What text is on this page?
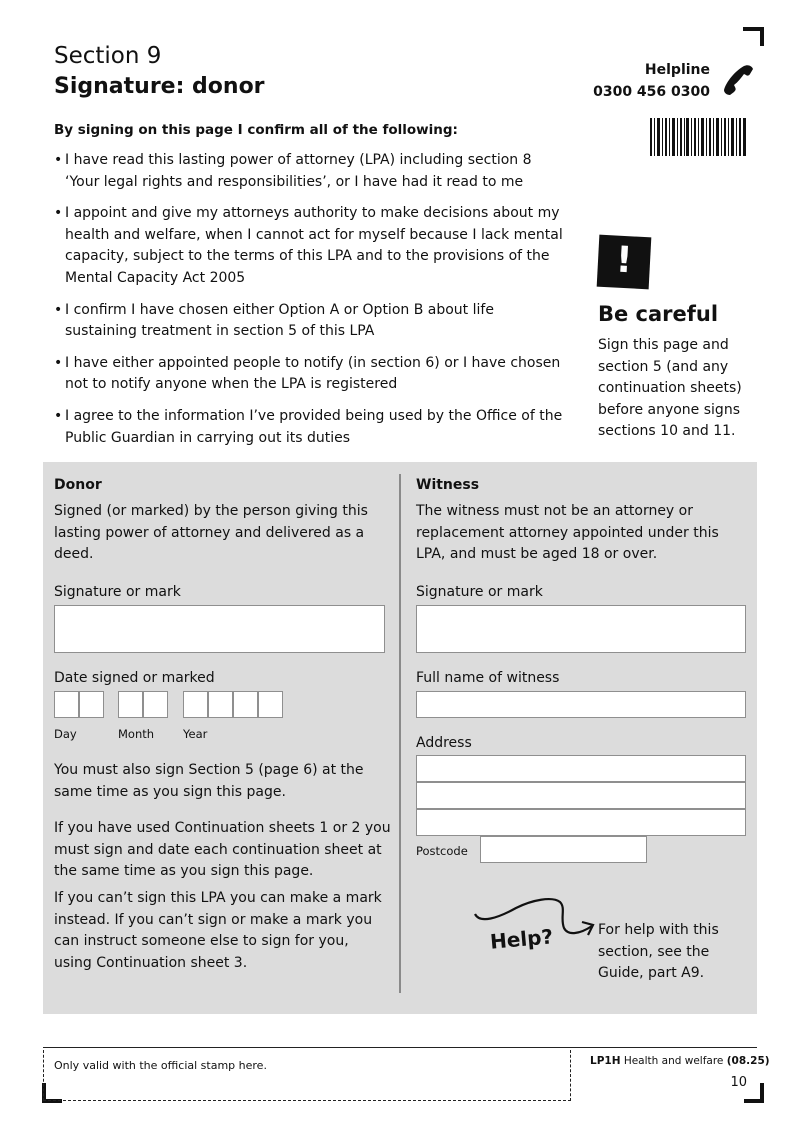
Section 9
Signature: donor
Helpline
0300 456 0300
By signing on this page I confirm all of the following:
• I have read this lasting power of attorney (LPA) including section 8 ‘Your legal rights and responsibilities’, or I have had it read to me
• I appoint and give my attorneys authority to make decisions about my health and welfare, when I cannot act for myself because I lack mental capacity, subject to the terms of this LPA and to the provisions of the Mental Capacity Act 2005
• I confirm I have chosen either Option A or Option B about life sustaining treatment in section 5 of this LPA
• I have either appointed people to notify (in section 6) or I have chosen not to notify anyone when the LPA is registered
• I agree to the information I’ve provided being used by the Office of the Public Guardian in carrying out its duties
!
Be careful
Sign this page and section 5 (and any continuation sheets) before anyone signs sections 10 and 11.
Donor
Signed (or marked) by the person giving this lasting power of attorney and delivered as a deed.
Signature or mark
Date signed or marked
Day	Month	Year
You must also sign Section 5 (page 6) at the same time as you sign this page.
If you have used Continuation sheets 1 or 2 you must sign and date each continuation sheet at the same time as you sign this page.
If you can’t sign this LPA you can make a mark instead. If you can’t sign or make a mark you can instruct someone else to sign for you, using Continuation sheet 3.
Witness
The witness must not be an attorney or replacement attorney appointed under this LPA, and must be aged 18 or over.
Signature or mark
Full name of witness
Address
Postcode
Help?	For help with this section, see the Guide, part A9.
Only valid with the official stamp here.	LP1H Health and welfare (08.25)
10
